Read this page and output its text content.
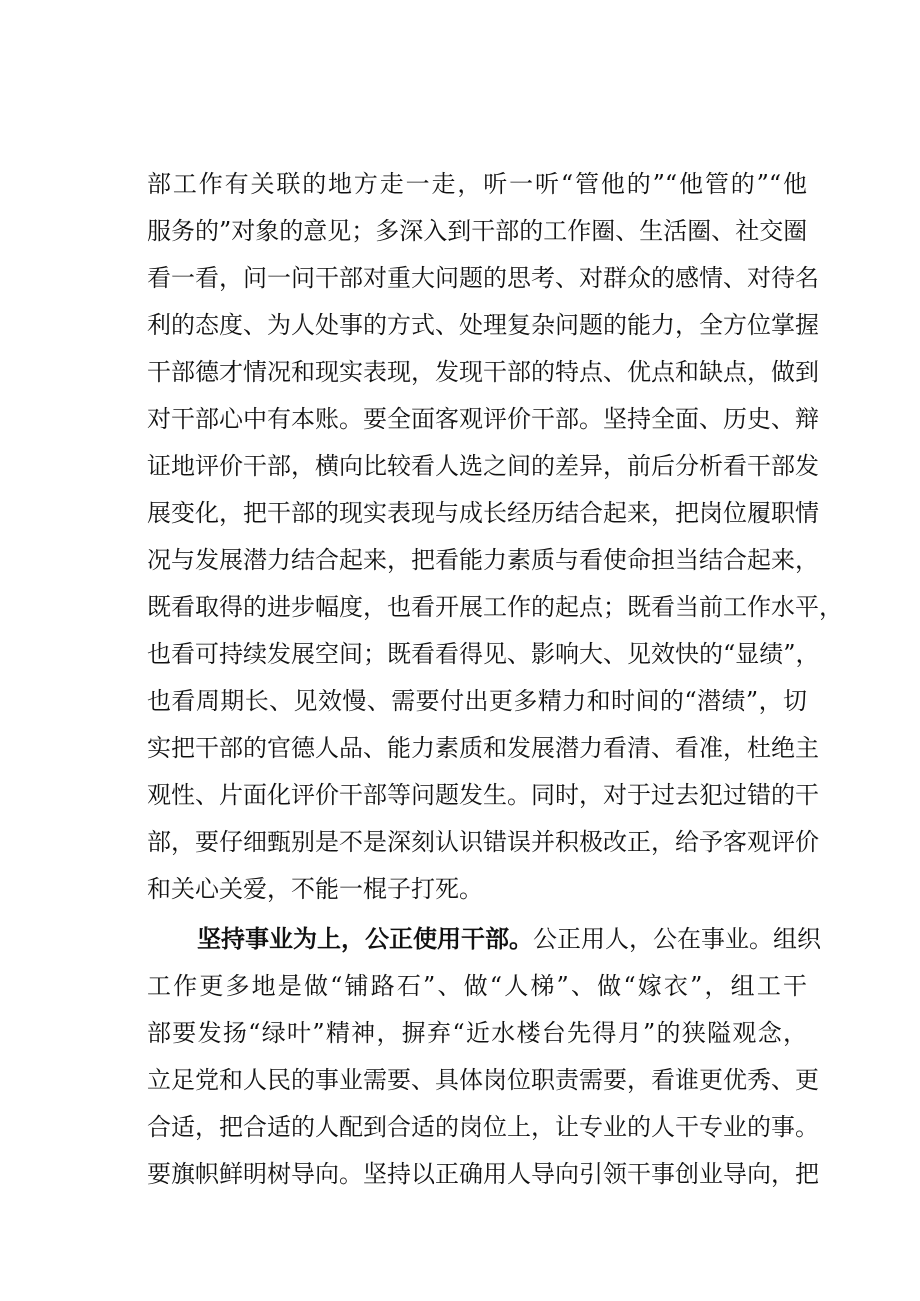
部工作有关联的地方走一走，听一听“管他的”“他管的”“他
服务的”对象的意见；多深入到干部的工作圈、生活圈、社交圈
看一看，问一问干部对重大问题的思考、对群众的感情、对待名
利的态度、为人处事的方式、处理复杂问题的能力，全方位掌握
干部德才情况和现实表现，发现干部的特点、优点和缺点，做到
对干部心中有本账。要全面客观评价干部。坚持全面、历史、辩
证地评价干部，横向比较看人选之间的差异，前后分析看干部发
展变化，把干部的现实表现与成长经历结合起来，把岗位履职情
况与发展潜力结合起来，把看能力素质与看使命担当结合起来，
既看取得的进步幅度，也看开展工作的起点；既看当前工作水平，
也看可持续发展空间；既看看得见、影响大、见效快的“显绩”，
也看周期长、见效慢、需要付出更多精力和时间的“潜绩”，切
实把干部的官德人品、能力素质和发展潜力看清、看准，杜绝主
观性、片面化评价干部等问题发生。同时，对于过去犯过错的干
部，要仔细甄别是不是深刻认识错误并积极改正，给予客观评价
和关心关爱，不能一棍子打死。
坚持事业为上，公正使用干部。公正用人，公在事业。组织
工作更多地是做“铺路石”、做“人梯”、做“嫁衣”，组工干
部要发扬“绿叶”精神，摒弃“近水楼台先得月”的狭隘观念，
立足党和人民的事业需要、具体岗位职责需要，看谁更优秀、更
合适，把合适的人配到合适的岗位上，让专业的人干专业的事。
要旗帜鲜明树导向。坚持以正确用人导向引领干事创业导向，把
